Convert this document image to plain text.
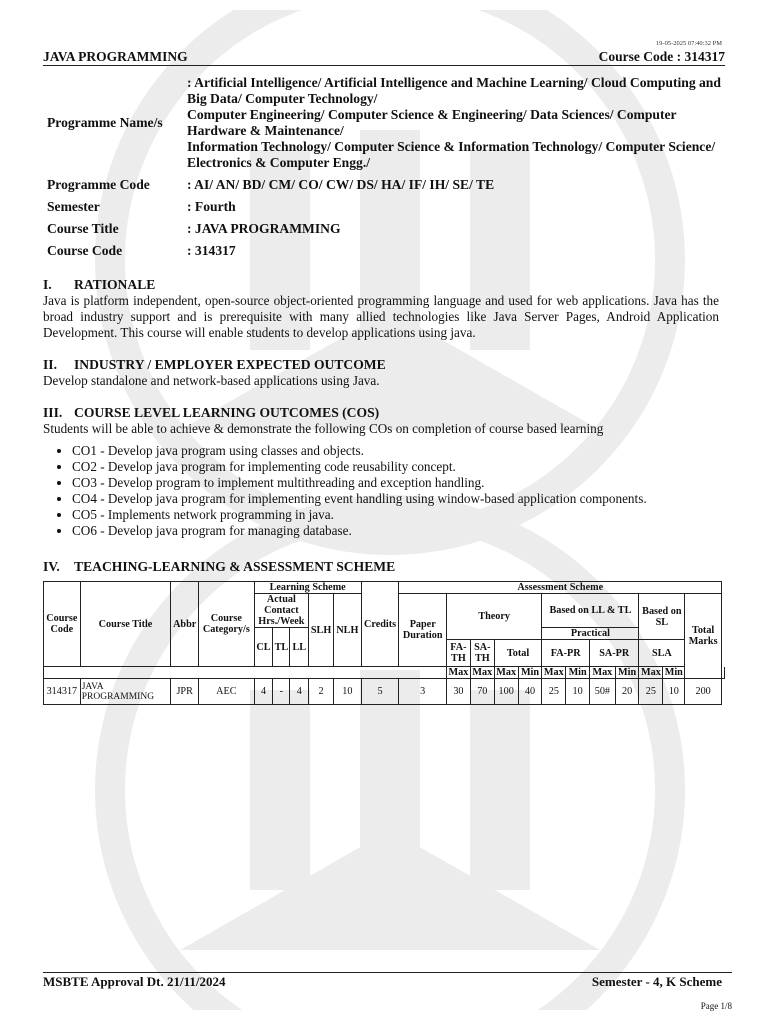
19-05-2025 07:40:32 PM
JAVA PROGRAMMING	Course Code : 314317
Programme Name/s	: Artificial Intelligence/ Artificial Intelligence and Machine Learning/ Cloud Computing and Big Data/ Computer Technology/
Computer Engineering/ Computer Science & Engineering/ Data Sciences/ Computer Hardware & Maintenance/
Information Technology/ Computer Science & Information Technology/ Computer Science/ Electronics & Computer Engg./

Programme Code	: AI/ AN/ BD/ CM/ CO/ CW/ DS/ HA/ IF/ IH/ SE/ TE
Semester	: Fourth
Course Title	: JAVA PROGRAMMING
Course Code	: 314317
I. RATIONALE

Java is platform independent, open-source object-oriented programming language and used for web applications. Java has the broad industry support and is prerequisite with many allied technologies like Java Server Pages, Android Application Development. This course will enable students to develop applications using java.

II. INDUSTRY / EMPLOYER EXPECTED OUTCOME

Develop standalone and network-based applications using Java.

III. COURSE LEVEL LEARNING OUTCOMES (COS)

Students will be able to achieve & demonstrate the following COs on completion of course based learning

• CO1 - Develop java program using classes and objects.
• CO2 - Develop java program for implementing code reusability concept.
• CO3 - Develop program to implement multithreading and exception handling.
• CO4 - Develop java program for implementing event handling using window-based application components.
• CO5 - Implements network programming in java.
• CO6 - Develop java program for managing database.
IV. TEACHING-LEARNING & ASSESSMENT SCHEME
Course Code	Course Title	Abbr	Course Category/s	Learning Scheme					Credits	Assessment Scheme												
				Actual Contact Hrs./Week			SLH	NLH		Paper Duration	Theory				Based on LL & TL				Based on SL		Total Marks	
				CL	TL	LL									Practical							
											FA-TH	SA-TH	Total		FA-PR		SA-PR		SLA			
											Max	Max	Max	Min	Max	Min	Max	Min	Max	Min		
314317	JAVA PROGRAMMING	JPR	AEC	4	-	4	2	10	5	3	30	70	100	40	25	10	50#	20	25	10	200	
MSBTE Approval Dt. 21/11/2024	Semester - 4, K Scheme
Page 1/8
